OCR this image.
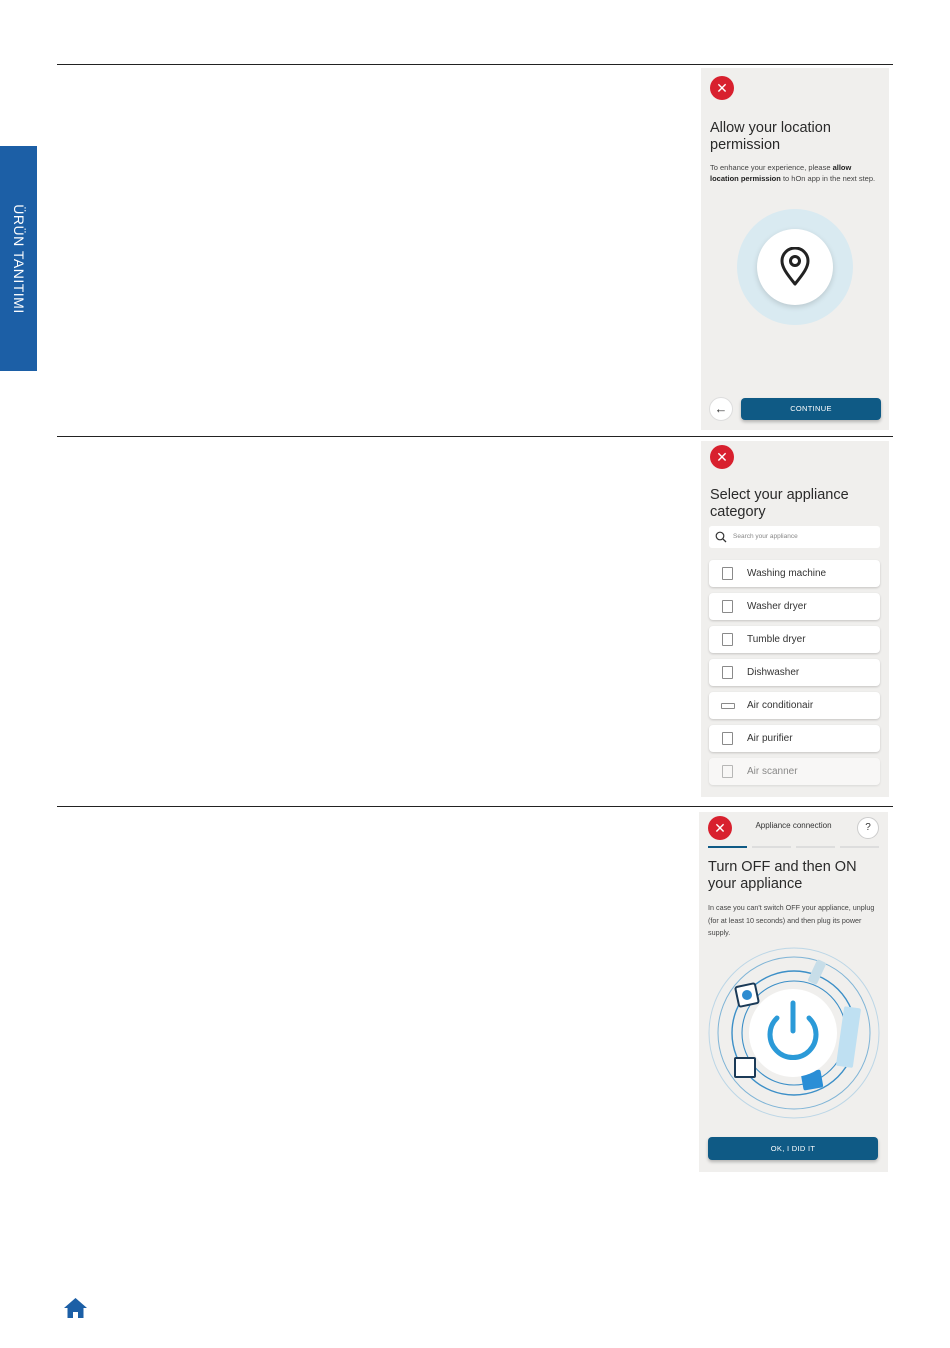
ÜRÜN TANITIMI
✕
Allow your location permission
To enhance your experience, please allow location permission to hOn app in the next step.
←	CONTINUE
✕
Select your appliance category
Search your appliance
Washing machine
Washer dryer
Tumble dryer
Dishwasher
Air conditionair
Air purifier
Air scanner
✕	Appliance connection	?
Turn OFF and then ON your appliance
In case you can't switch OFF your appliance, unplug (for at least 10 seconds) and then plug its power supply.
OK, I DID IT
